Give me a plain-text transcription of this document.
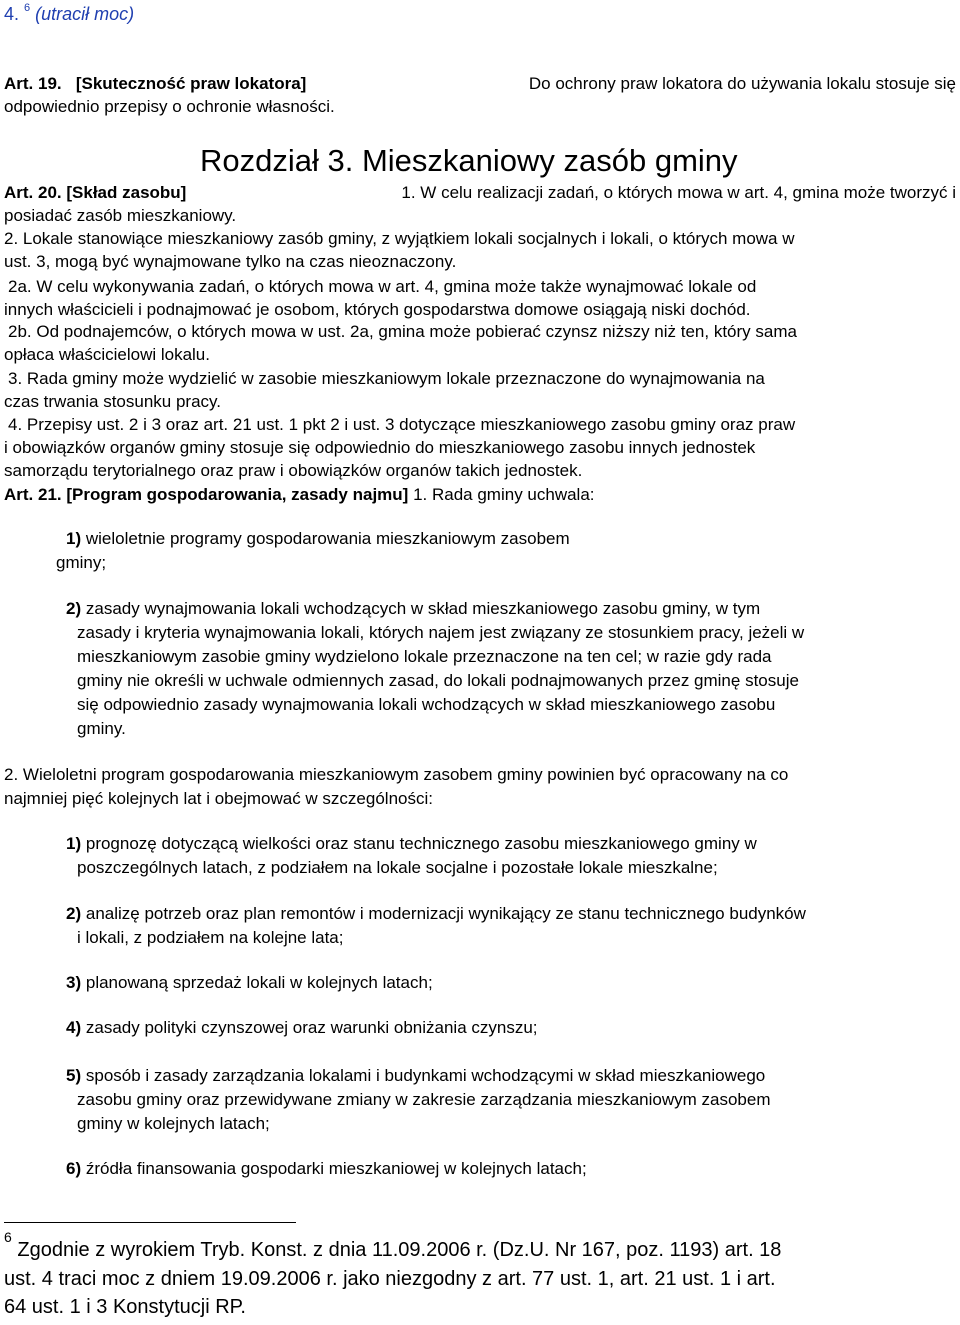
4. $^6$ (utracił moc)
Art. 19. [Skuteczność praw lokatora]	Do ochrony praw lokatora do używania lokalu stosuje się
odpowiednio przepisy o ochronie własności.
Rozdział 3. Mieszkaniowy zasób gminy
Art. 20. [Skład zasobu]	1. W celu realizacji zadań, o których mowa w art. 4, gmina może tworzyć i
posiadać zasób mieszkaniowy.
2. Lokale stanowiące mieszkaniowy zasób gminy, z wyjątkiem lokali socjalnych i lokali, o których mowa w
ust. 3, mogą być wynajmowane tylko na czas nieoznaczony.
2a. W celu wykonywania zadań, o których mowa w art. 4, gmina może także wynajmować lokale od
innych właścicieli i podnajmować je osobom, których gospodarstwa domowe osiągają niski dochód.
2b. Od podnajemców, o których mowa w ust. 2a, gmina może pobierać czynsz niższy niż ten, który sama
opłaca właścicielowi lokalu.
3. Rada gminy może wydzielić w zasobie mieszkaniowym lokale przeznaczone do wynajmowania na
czas trwania stosunku pracy.
4. Przepisy ust. 2 i 3 oraz art. 21 ust. 1 pkt 2 i ust. 3 dotyczące mieszkaniowego zasobu gminy oraz praw
i obowiązków organów gminy stosuje się odpowiednio do mieszkaniowego zasobu innych jednostek
samorządu terytorialnego oraz praw i obowiązków organów takich jednostek.
Art. 21. [Program gospodarowania, zasady najmu] 1. Rada gminy uchwala:
1) wieloletnie programy gospodarowania mieszkaniowym zasobem
gminy;
2) zasady wynajmowania lokali wchodzących w skład mieszkaniowego zasobu gminy, w tym
zasady i kryteria wynajmowania lokali, których najem jest związany ze stosunkiem pracy, jeżeli w
mieszkaniowym zasobie gminy wydzielono lokale przeznaczone na ten cel; w razie gdy rada
gminy nie określi w uchwale odmiennych zasad, do lokali podnajmowanych przez gminę stosuje
się odpowiednio zasady wynajmowania lokali wchodzących w skład mieszkaniowego zasobu
gminy.
2. Wieloletni program gospodarowania mieszkaniowym zasobem gminy powinien być opracowany na co
najmniej pięć kolejnych lat i obejmować w szczególności:
1) prognozę dotyczącą wielkości oraz stanu technicznego zasobu mieszkaniowego gminy w
poszczególnych latach, z podziałem na lokale socjalne i pozostałe lokale mieszkalne;
2) analizę potrzeb oraz plan remontów i modernizacji wynikający ze stanu technicznego budynków
i lokali, z podziałem na kolejne lata;
3) planowaną sprzedaż lokali w kolejnych latach;
4) zasady polityki czynszowej oraz warunki obniżania czynszu;
5) sposób i zasady zarządzania lokalami i budynkami wchodzącymi w skład mieszkaniowego
zasobu gminy oraz przewidywane zmiany w zakresie zarządzania mieszkaniowym zasobem
gminy w kolejnych latach;
6) źródła finansowania gospodarki mieszkaniowej w kolejnych latach;
$^6$ Zgodnie z wyrokiem Tryb. Konst. z dnia 11.09.2006 r. (Dz.U. Nr 167, poz. 1193) art. 18
ust. 4 traci moc z dniem 19.09.2006 r. jako niezgodny z art. 77 ust. 1, art. 21 ust. 1 i art.
64 ust. 1 i 3 Konstytucji RP.
